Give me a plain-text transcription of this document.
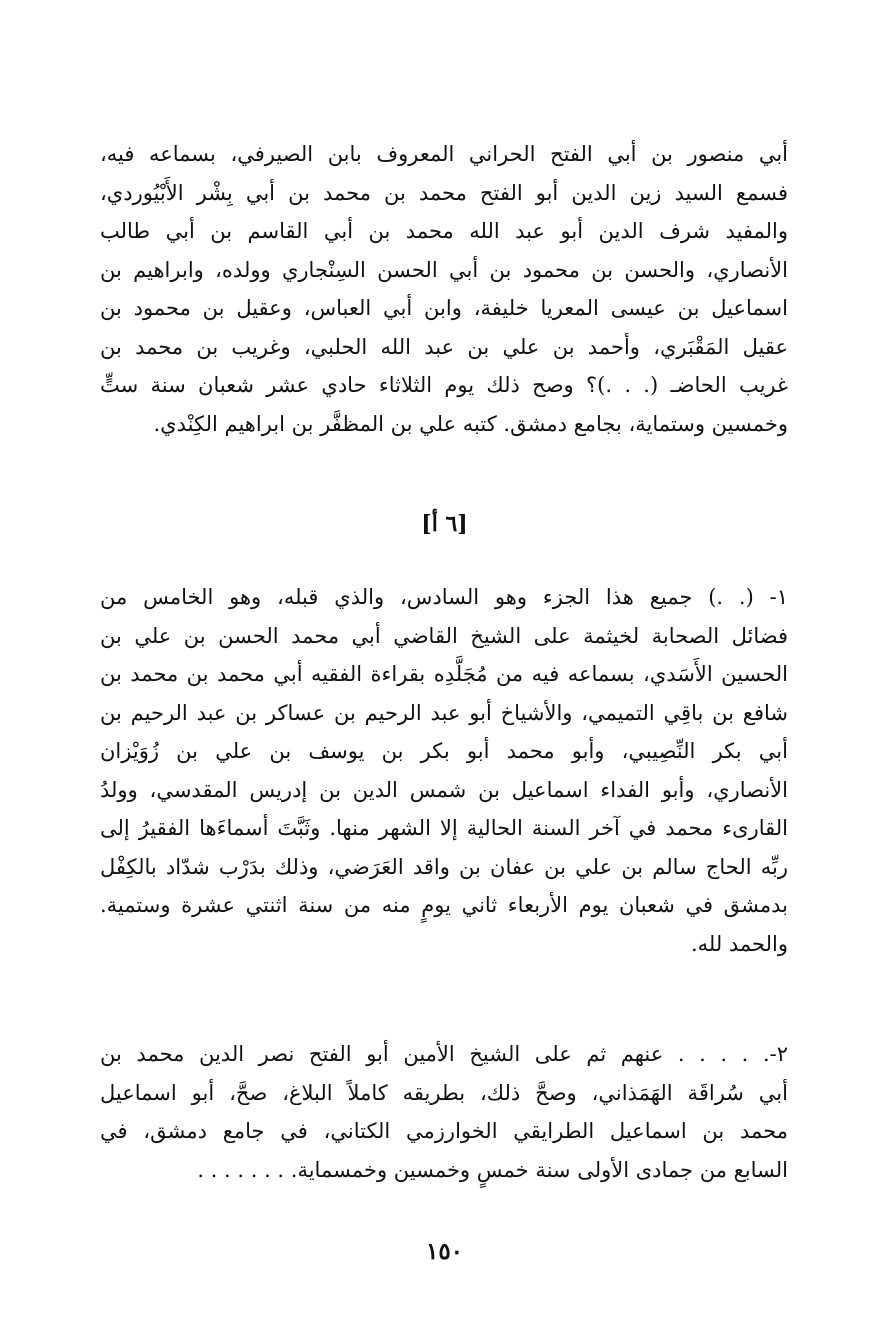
أبي منصور بن أبي الفتح الحراني المعروف بابن الصيرفي، بسماعه فيه،
فسمع السيد زين الدين أبو الفتح محمد بن محمد بن أبي بِشْر الأَبْيُوردي،
والمفيد شرف الدين أبو عبد الله محمد بن أبي القاسم بن أبي طالب
الأنصاري، والحسن بن محمود بن أبي الحسن السِنْجاري وولده، وابراهيم بن
اسماعيل بن عيسى المعريا خليفة، وابن أبي العباس، وعقيل بن محمود بن
عقيل المَقْبَري، وأحمد بن علي بن عبد الله الحلبي، وغريب بن محمد بن
غريب الحاضـ (. . .)؟ وصح ذلك يوم الثلاثاء حادي عشر شعبان سنة ستٍّ
وخمسين وستماية، بجامع دمشق. كتبه علي بن المظفَّر بن ابراهيم الكِنْدي.
[٦ أ]
١- (. .) جميع هذا الجزء وهو السادس، والذي قبله، وهو الخامس من
فضائل الصحابة لخيثمة على الشيخ القاضي أبي محمد الحسن بن علي بن
الحسين الأَسَدي، بسماعه فيه من مُجَلَّدِه بقراءة الفقيه أبي محمد بن محمد بن
شافع بن باقِي التميمي، والأشياخ أبو عبد الرحيم بن عساكر بن عبد الرحيم بن
أبي بكر النِّصِيبي، وأبو محمد أبو بكر بن يوسف بن علي بن زُوَيْزان
الأنصاري، وأبو الفداء اسماعيل بن شمس الدين بن إدريس المقدسي، وولدُ
القارىء محمد في آخر السنة الحالية إلا الشهر منها. وثَبَّتَ أسماءَها الفقيرُ إلى
ربِّه الحاج سالم بن علي بن عفان بن واقد العَرَضي، وذلك بدَرْب شدّاد بالكِفْل
بدمشق في شعبان يوم الأربعاء ثاني يومٍ منه من سنة اثنتي عشرة وستمية.
والحمد لله.
٢-. . . . . عنهم ثم على الشيخ الأمين أبو الفتح نصر الدين محمد بن
أبي سُراقَة الهَمَذاني، وصحَّ ذلك، بطريقه كاملاً البلاغ، صحَّ، أبو اسماعيل
محمد بن اسماعيل الطرايقي الخوارزمي الكتاني، في جامع دمشق، في
السابع من جمادى الأولى سنة خمسٍ وخمسين وخمسماية. . . . . . . .
١٥٠
